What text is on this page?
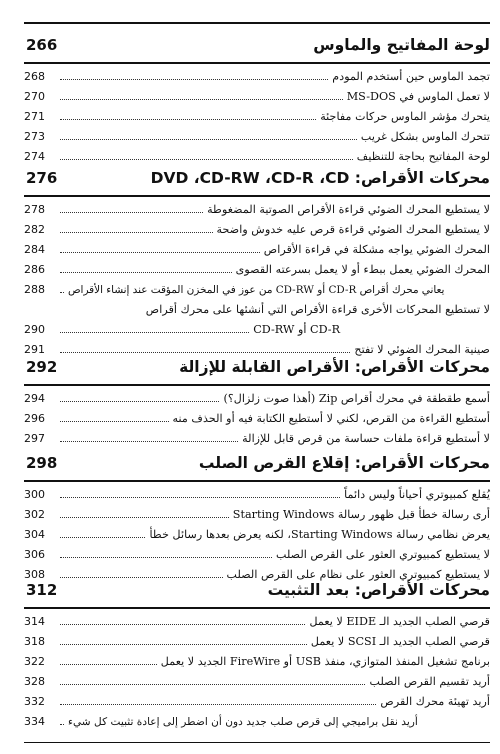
266	لوحة المفاتيح والماوس
268	تجمد الماوس حين أستخدم المودم
270	لا تعمل الماوس في MS-DOS
271	يتحرك مؤشر الماوس حركات مفاجئة
273	تتحرك الماوس بشكل غريب
274	لوحة المفاتيح بحاجة للتنظيف
276	محركات الأقراص: DVD ،CD-RW ،CD-R ،CD
278	لا يستطيع المحرك الضوئي قراءة الأقراص الصوتية المضغوطة
282	لا يستطيع المحرك الضوئي قراءة قرص عليه خدوش واضحة
284	المحرك الضوئي يواجه مشكلة في قراءة الأقراص
286	المحرك الضوئي يعمل ببطء أو لا يعمل بسرعته القصوى
288	يعاني محرك أقراص CD-R أو CD-RW من عوز في المخزن المؤقت عند إنشاء الأقراص
لا تستطيع المحركات الأخرى قراءة الأقراص التي أنشئها على محرك أقراص
290	CD-R أو CD-RW
291	صينية المحرك الضوئي لا تفتح
292	محركات الأقراص: الأقراص القابلة للإزالة
294	أسمع طقطقة في محرك أقراص Zip (أهذا صوت زلزال؟)
296	أستطيع القراءة من القرص، لكني لا أستطيع الكتابة فيه أو الحذف منه
297	لا أستطيع قراءة ملفات حساسة من قرص قابل للإزالة
298	محركات الأقراص: إقلاع القرص الصلب
300	يُقلع كمبيوتري أحياناً وليس دائماً
302	أرى رسالة خطأ قبل ظهور رسالة Starting Windows
304	يعرض نظامي رسالة Starting Windows، لكنه يعرض بعدها رسائل خطأ
306	لا يستطيع كمبيوتري العثور على القرص الصلب
308	لا يستطيع كمبيوتري العثور على نظام على القرص الصلب
312	محركات الأقراص: بعد التثبيت
314	قرصي الصلب الجديد الـ EIDE لا يعمل
318	قرصي الصلب الجديد الـ SCSI لا يعمل
322	برنامج تشغيل المنفذ المتوازي، منفذ USB أو FireWire الجديد لا يعمل
328	أريد تقسيم القرص الصلب
332	أريد تهيئة محرك القرص
334	أريد نقل براميجي إلى قرص صلب جديد دون أن اضطر إلى إعادة تثبيت كل شيء
